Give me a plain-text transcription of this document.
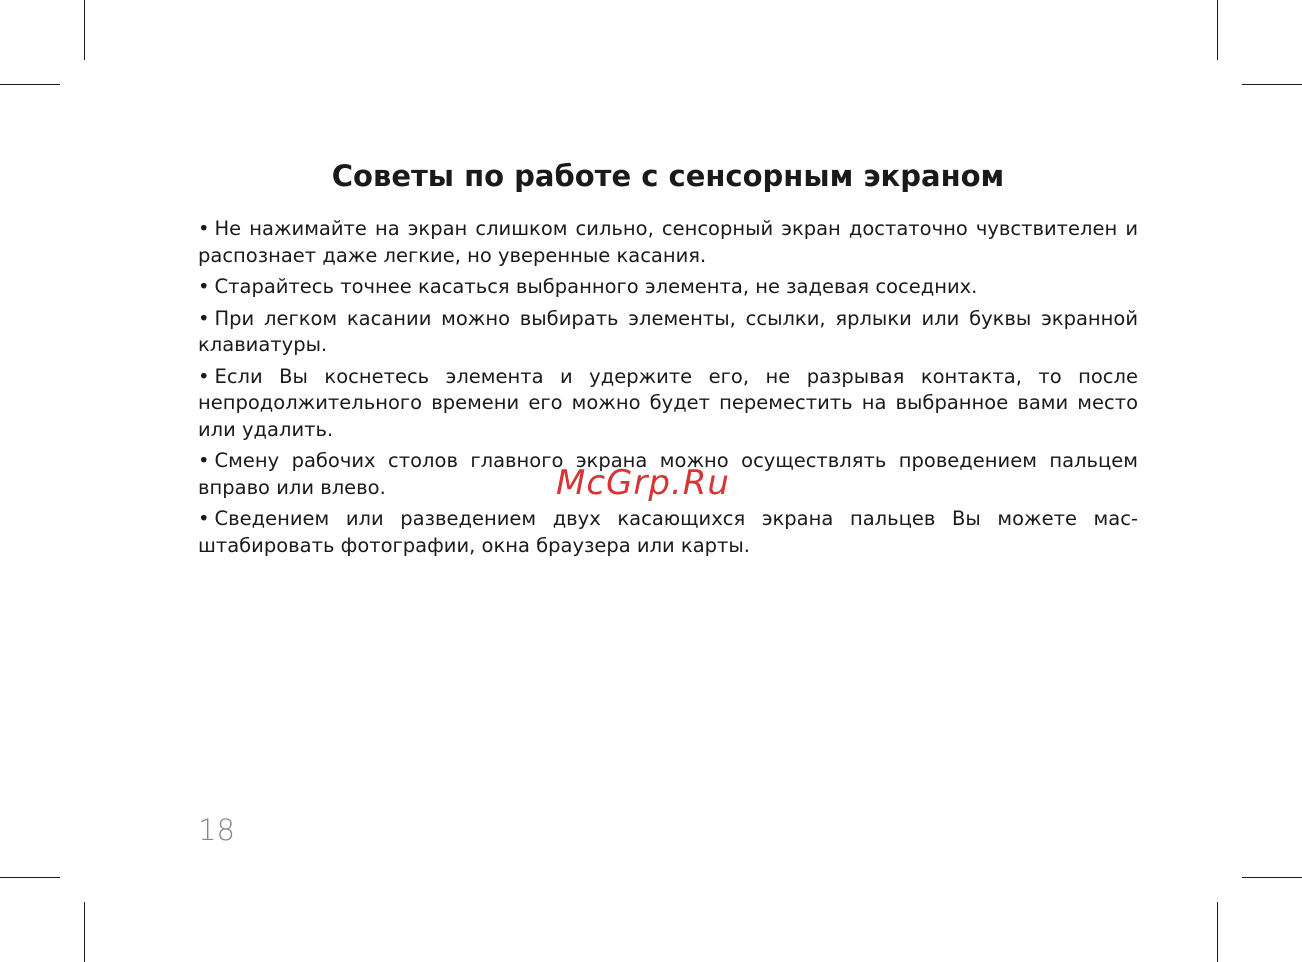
Советы по работе с сенсорным экраном
• Не нажимайте на экран слишком сильно, сенсорный экран достаточно чувствителен и распознает даже легкие, но уверенные касания.
• Старайтесь точнее касаться выбранного элемента, не задевая соседних.
• При легком касании можно выбирать элементы, ссылки, ярлыки или буквы экранной клавиатуры.
• Если Вы коснетесь элемента и удержите его, не разрывая контакта, то после непродолжительного времени его можно будет переместить на выбранное вами место или удалить.
• Смену рабочих столов главного экрана можно осуществлять проведением пальцем вправо или влево.
• Сведением или разведением двух касающихся экрана пальцев Вы можете масштабировать фотографии, окна браузера или карты.
McGrp.Ru
18
